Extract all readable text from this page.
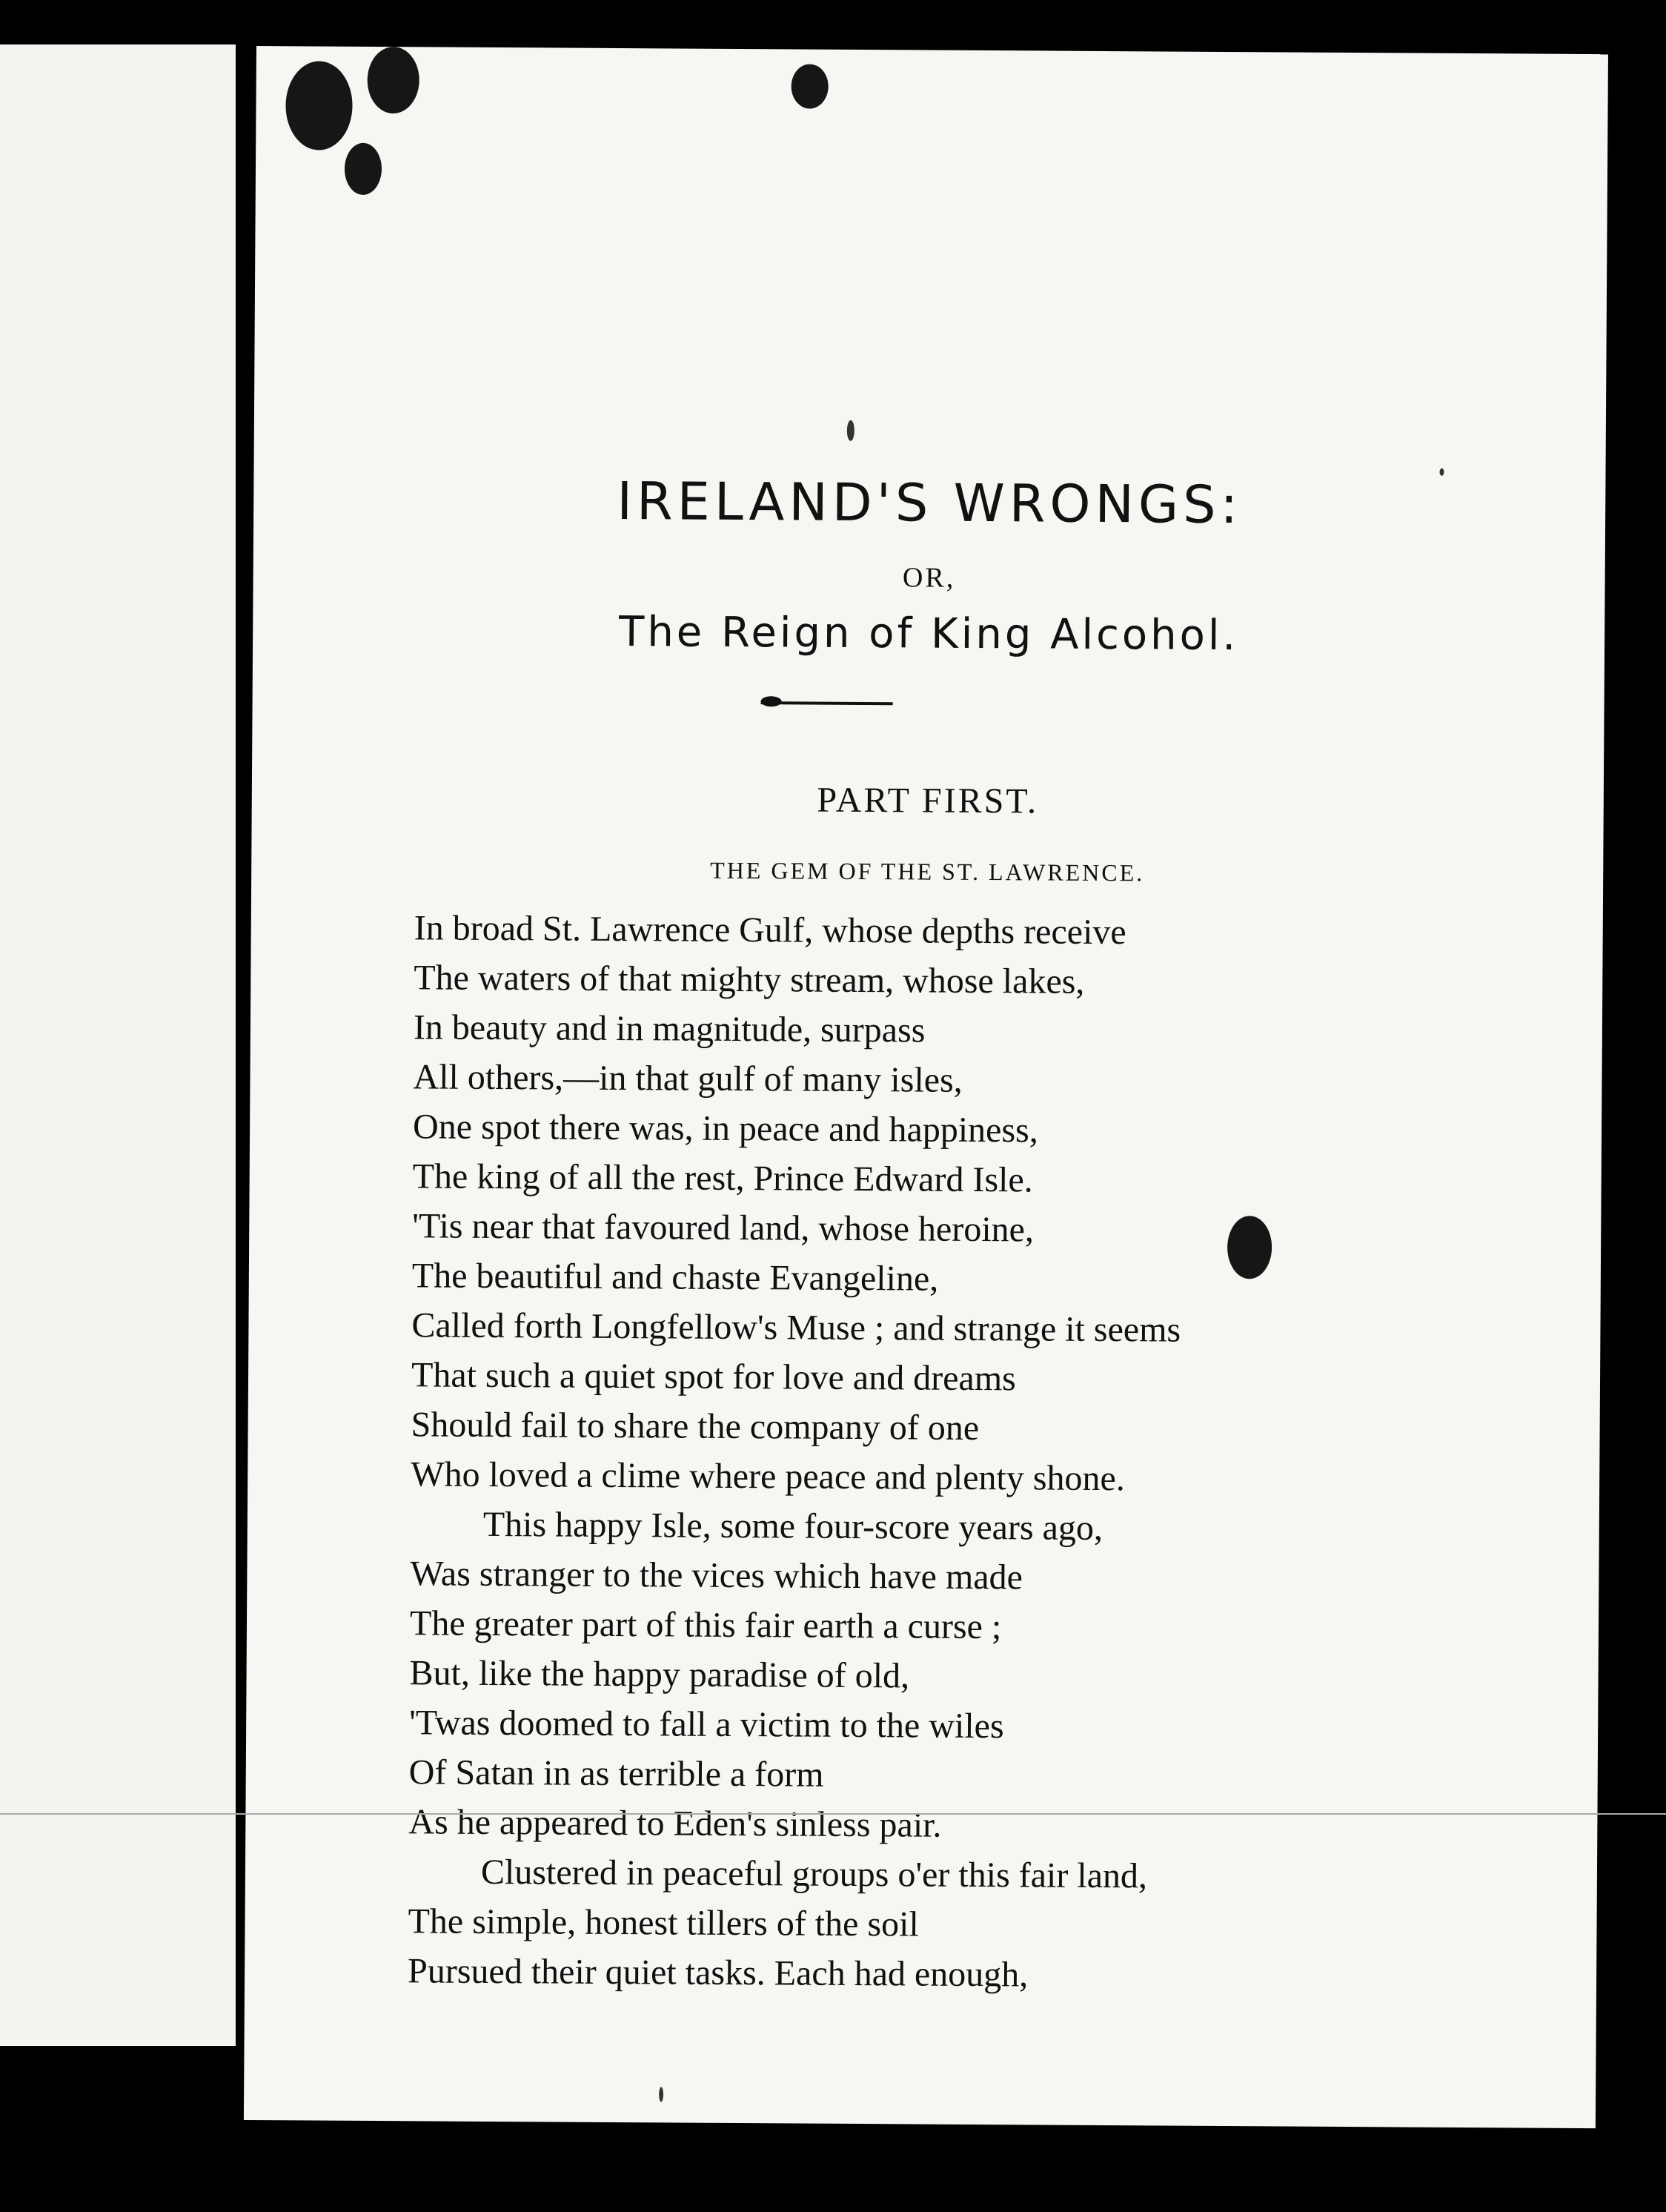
IRELAND'S WRONGS:
OR,
The Reign of King Alcohol.
PART FIRST.
THE GEM OF THE ST. LAWRENCE.
In broad St. Lawrence Gulf, whose depths receive
The waters of that mighty stream, whose lakes,
In beauty and in magnitude, surpass
All others,—in that gulf of many isles,
One spot there was, in peace and happiness,
The king of all the rest, Prince Edward Isle.
'Tis near that favoured land, whose heroine,
The beautiful and chaste Evangeline,
Called forth Longfellow's Muse ; and strange it seems
That such a quiet spot for love and dreams
Should fail to share the company of one
Who loved a clime where peace and plenty shone.
This happy Isle, some four-score years ago,
Was stranger to the vices which have made
The greater part of this fair earth a curse ;
But, like the happy paradise of old,
'Twas doomed to fall a victim to the wiles
Of Satan in as terrible a form
As he appeared to Eden's sinless pair.
Clustered in peaceful groups o'er this fair land,
The simple, honest tillers of the soil
Pursued their quiet tasks. Each had enough,
